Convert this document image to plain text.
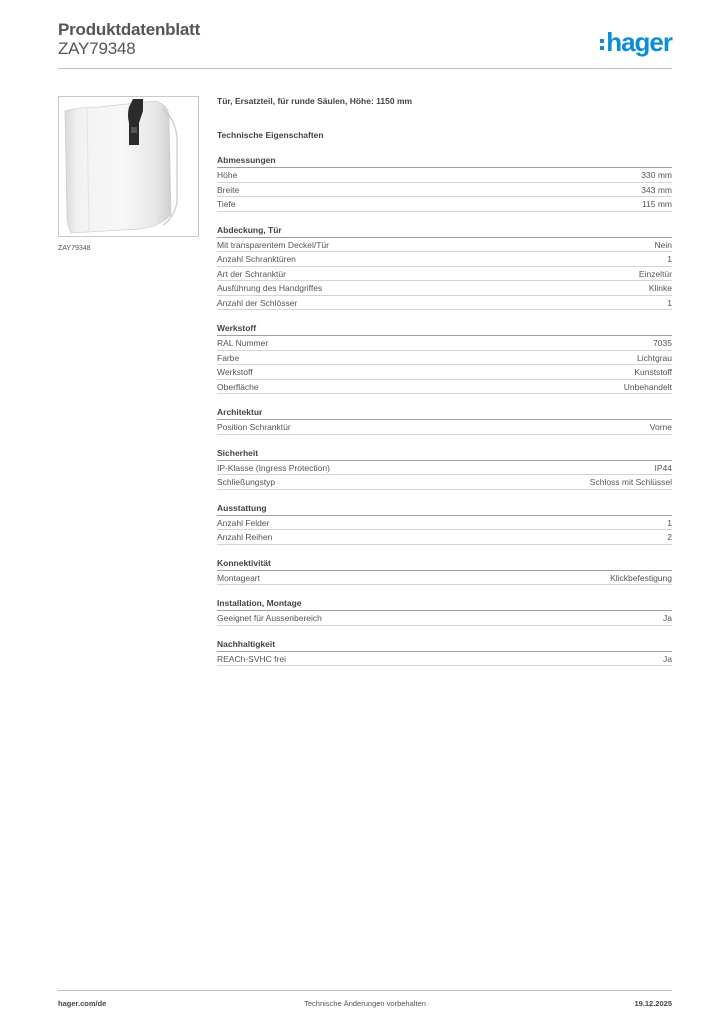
Produktdatenblatt
ZAY79348	hager
ZAY79348
Tür, Ersatzteil, für runde Säulen, Höhe: 1150 mm
Technische Eigenschaften
Abmessungen
Höhe	330 mm
Breite	343 mm
Tiefe	115 mm
Abdeckung, Tür
Mit transparentem Deckel/Tür	Nein
Anzahl Schranktüren	1
Art der Schranktür	Einzeltür
Ausführung des Handgriffes	Klinke
Anzahl der Schlösser	1
Werkstoff
RAL Nummer	7035
Farbe	Lichtgrau
Werkstoff	Kunststoff
Oberfläche	Unbehandelt
Architektur
Position Schranktür	Vorne
Sicherheit
IP-Klasse (Ingress Protection)	IP44
Schließungstyp	Schloss mit Schlüssel
Ausstattung
Anzahl Felder	1
Anzahl Reihen	2
Konnektivität
Montageart	Klickbefestigung
Installation, Montage
Geeignet für Aussenbereich	Ja
Nachhaltigkeit
REACh-SVHC frei	Ja
hager.com/de	Technische Änderungen vorbehalten	19.12.2025
